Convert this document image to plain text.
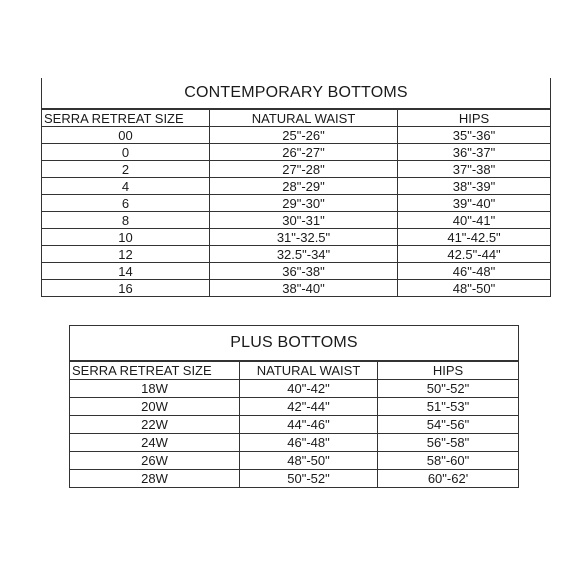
CONTEMPORARY BOTTOMS		
SERRA RETREAT SIZE	NATURAL WAIST	HIPS
00	25"-26"	35"-36"
0	26"-27"	36"-37"
2	27"-28"	37"-38"
4	28"-29"	38"-39"
6	29"-30"	39"-40"
8	30"-31"	40"-41"
10	31"-32.5"	41"-42.5"
12	32.5"-34"	42.5"-44"
14	36"-38"	46"-48"
16	38"-40"	48"-50"
PLUS BOTTOMS		
SERRA RETREAT SIZE	NATURAL WAIST	HIPS
18W	40"-42"	50"-52"
20W	42"-44"	51"-53"
22W	44"-46"	54"-56"
24W	46"-48"	56"-58"
26W	48"-50"	58"-60"
28W	50"-52"	60"-62'
